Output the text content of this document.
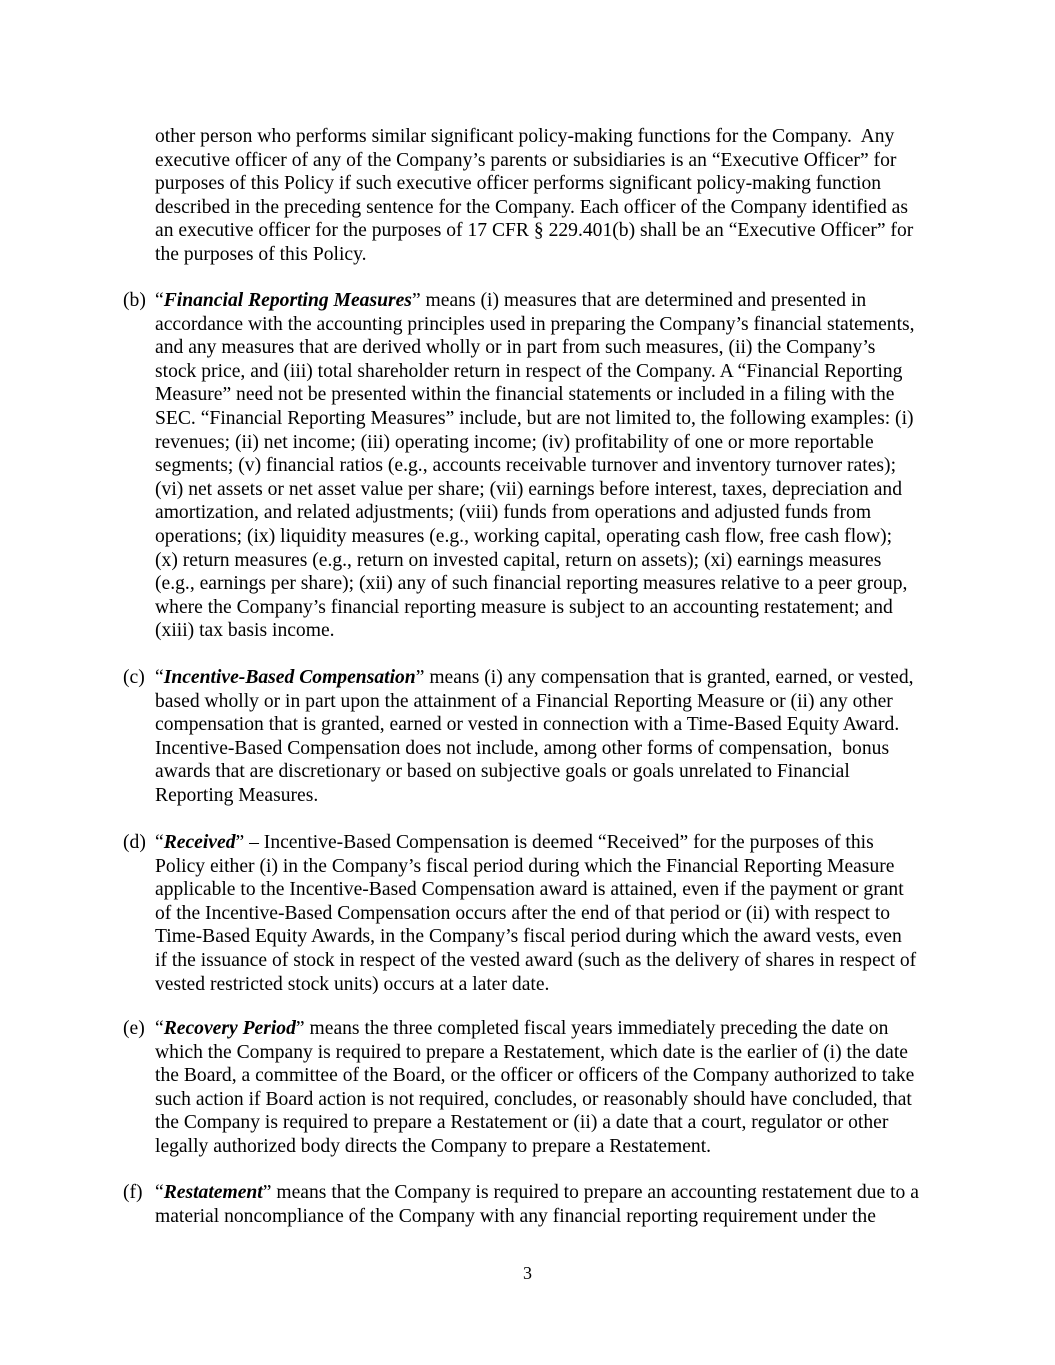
other person who performs similar significant policy-making functions for the Company.  Any
executive officer of any of the Company’s parents or subsidiaries is an “Executive Officer” for
purposes of this Policy if such executive officer performs significant policy-making function
described in the preceding sentence for the Company. Each officer of the Company identified as
an executive officer for the purposes of 17 CFR § 229.401(b) shall be an “Executive Officer” for
the purposes of this Policy.
(b) “Financial Reporting Measures” means (i) measures that are determined and presented in
accordance with the accounting principles used in preparing the Company’s financial statements,
and any measures that are derived wholly or in part from such measures, (ii) the Company’s
stock price, and (iii) total shareholder return in respect of the Company. A “Financial Reporting
Measure” need not be presented within the financial statements or included in a filing with the
SEC. “Financial Reporting Measures” include, but are not limited to, the following examples: (i)
revenues; (ii) net income; (iii) operating income; (iv) profitability of one or more reportable
segments; (v) financial ratios (e.g., accounts receivable turnover and inventory turnover rates);
(vi) net assets or net asset value per share; (vii) earnings before interest, taxes, depreciation and
amortization, and related adjustments; (viii) funds from operations and adjusted funds from
operations; (ix) liquidity measures (e.g., working capital, operating cash flow, free cash flow);
(x) return measures (e.g., return on invested capital, return on assets); (xi) earnings measures
(e.g., earnings per share); (xii) any of such financial reporting measures relative to a peer group,
where the Company’s financial reporting measure is subject to an accounting restatement; and
(xiii) tax basis income.
(c) “Incentive-Based Compensation” means (i) any compensation that is granted, earned, or vested,
based wholly or in part upon the attainment of a Financial Reporting Measure or (ii) any other
compensation that is granted, earned or vested in connection with a Time-Based Equity Award.
Incentive-Based Compensation does not include, among other forms of compensation,  bonus
awards that are discretionary or based on subjective goals or goals unrelated to Financial
Reporting Measures.
(d) “Received” – Incentive-Based Compensation is deemed “Received” for the purposes of this
Policy either (i) in the Company’s fiscal period during which the Financial Reporting Measure
applicable to the Incentive-Based Compensation award is attained, even if the payment or grant
of the Incentive-Based Compensation occurs after the end of that period or (ii) with respect to
Time-Based Equity Awards, in the Company’s fiscal period during which the award vests, even
if the issuance of stock in respect of the vested award (such as the delivery of shares in respect of
vested restricted stock units) occurs at a later date.
(e) “Recovery Period” means the three completed fiscal years immediately preceding the date on
which the Company is required to prepare a Restatement, which date is the earlier of (i) the date
the Board, a committee of the Board, or the officer or officers of the Company authorized to take
such action if Board action is not required, concludes, or reasonably should have concluded, that
the Company is required to prepare a Restatement or (ii) a date that a court, regulator or other
legally authorized body directs the Company to prepare a Restatement.
(f) “Restatement” means that the Company is required to prepare an accounting restatement due to a
material noncompliance of the Company with any financial reporting requirement under the
3
